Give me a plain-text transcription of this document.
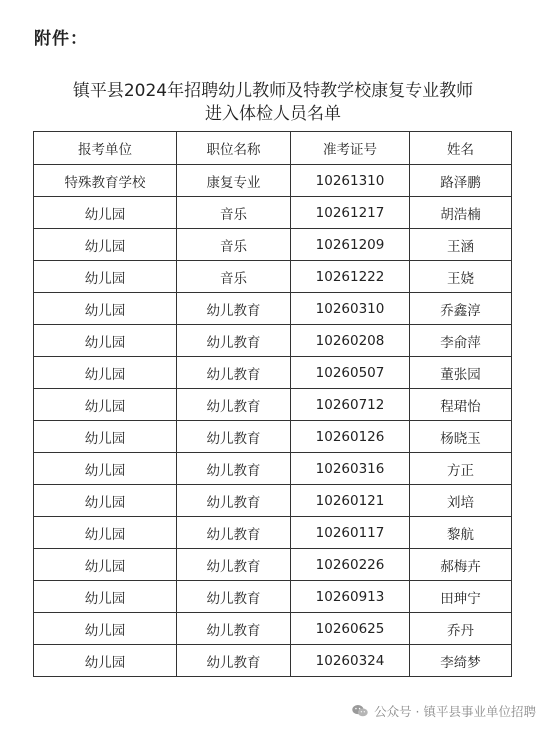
附件：
镇平县2024年招聘幼儿教师及特教学校康复专业教师
进入体检人员名单
报考单位	职位名称	准考证号	姓名
特殊教育学校	康复专业	10261310	路泽鹏
幼儿园	音乐	10261217	胡浩楠
幼儿园	音乐	10261209	王涵
幼儿园	音乐	10261222	王娆
幼儿园	幼儿教育	10260310	乔鑫淳
幼儿园	幼儿教育	10260208	李俞萍
幼儿园	幼儿教育	10260507	董张园
幼儿园	幼儿教育	10260712	程珺怡
幼儿园	幼儿教育	10260126	杨晓玉
幼儿园	幼儿教育	10260316	方正
幼儿园	幼儿教育	10260121	刘培
幼儿园	幼儿教育	10260117	黎航
幼儿园	幼儿教育	10260226	郝梅卉
幼儿园	幼儿教育	10260913	田珅宁
幼儿园	幼儿教育	10260625	乔丹
幼儿园	幼儿教育	10260324	李绮梦
公众号 · 镇平县事业单位招聘
